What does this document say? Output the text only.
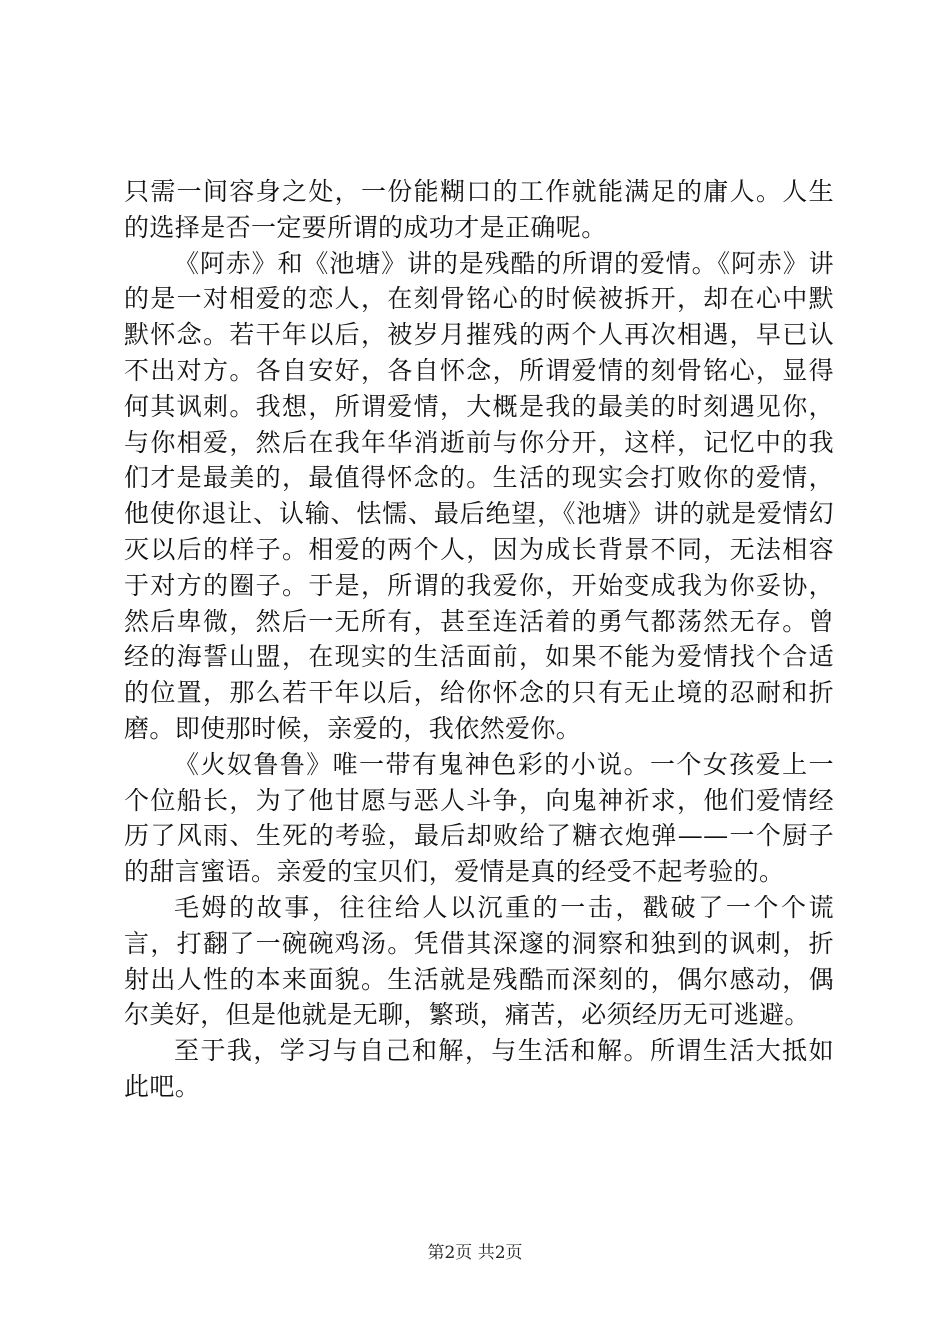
只需一间容身之处，一份能糊口的工作就能满足的庸人。人生的选择是否一定要所谓的成功才是正确呢。

《阿赤》和《池塘》讲的是残酷的所谓的爱情。《阿赤》讲的是一对相爱的恋人，在刻骨铭心的时候被拆开，却在心中默默怀念。若干年以后，被岁月摧残的两个人再次相遇，早已认不出对方。各自安好，各自怀念，所谓爱情的刻骨铭心，显得何其讽刺。我想，所谓爱情，大概是我的最美的时刻遇见你，与你相爱，然后在我年华消逝前与你分开，这样，记忆中的我们才是最美的，最值得怀念的。生活的现实会打败你的爱情，他使你退让、认输、怯懦、最后绝望，《池塘》讲的就是爱情幻灭以后的样子。相爱的两个人，因为成长背景不同，无法相容于对方的圈子。于是，所谓的我爱你，开始变成我为你妥协，然后卑微，然后一无所有，甚至连活着的勇气都荡然无存。曾经的海誓山盟，在现实的生活面前，如果不能为爱情找个合适的位置，那么若干年以后，给你怀念的只有无止境的忍耐和折磨。即使那时候，亲爱的，我依然爱你。

《火奴鲁鲁》唯一带有鬼神色彩的小说。一个女孩爱上一个位船长，为了他甘愿与恶人斗争，向鬼神祈求，他们爱情经历了风雨、生死的考验，最后却败给了糖衣炮弹——一个厨子的甜言蜜语。亲爱的宝贝们，爱情是真的经受不起考验的。

毛姆的故事，往往给人以沉重的一击，戳破了一个个谎言，打翻了一碗碗鸡汤。凭借其深邃的洞察和独到的讽刺，折射出人性的本来面貌。生活就是残酷而深刻的，偶尔感动，偶尔美好，但是他就是无聊，繁琐，痛苦，必须经历无可逃避。

至于我，学习与自己和解，与生活和解。所谓生活大抵如此吧。

第2页 共2页
